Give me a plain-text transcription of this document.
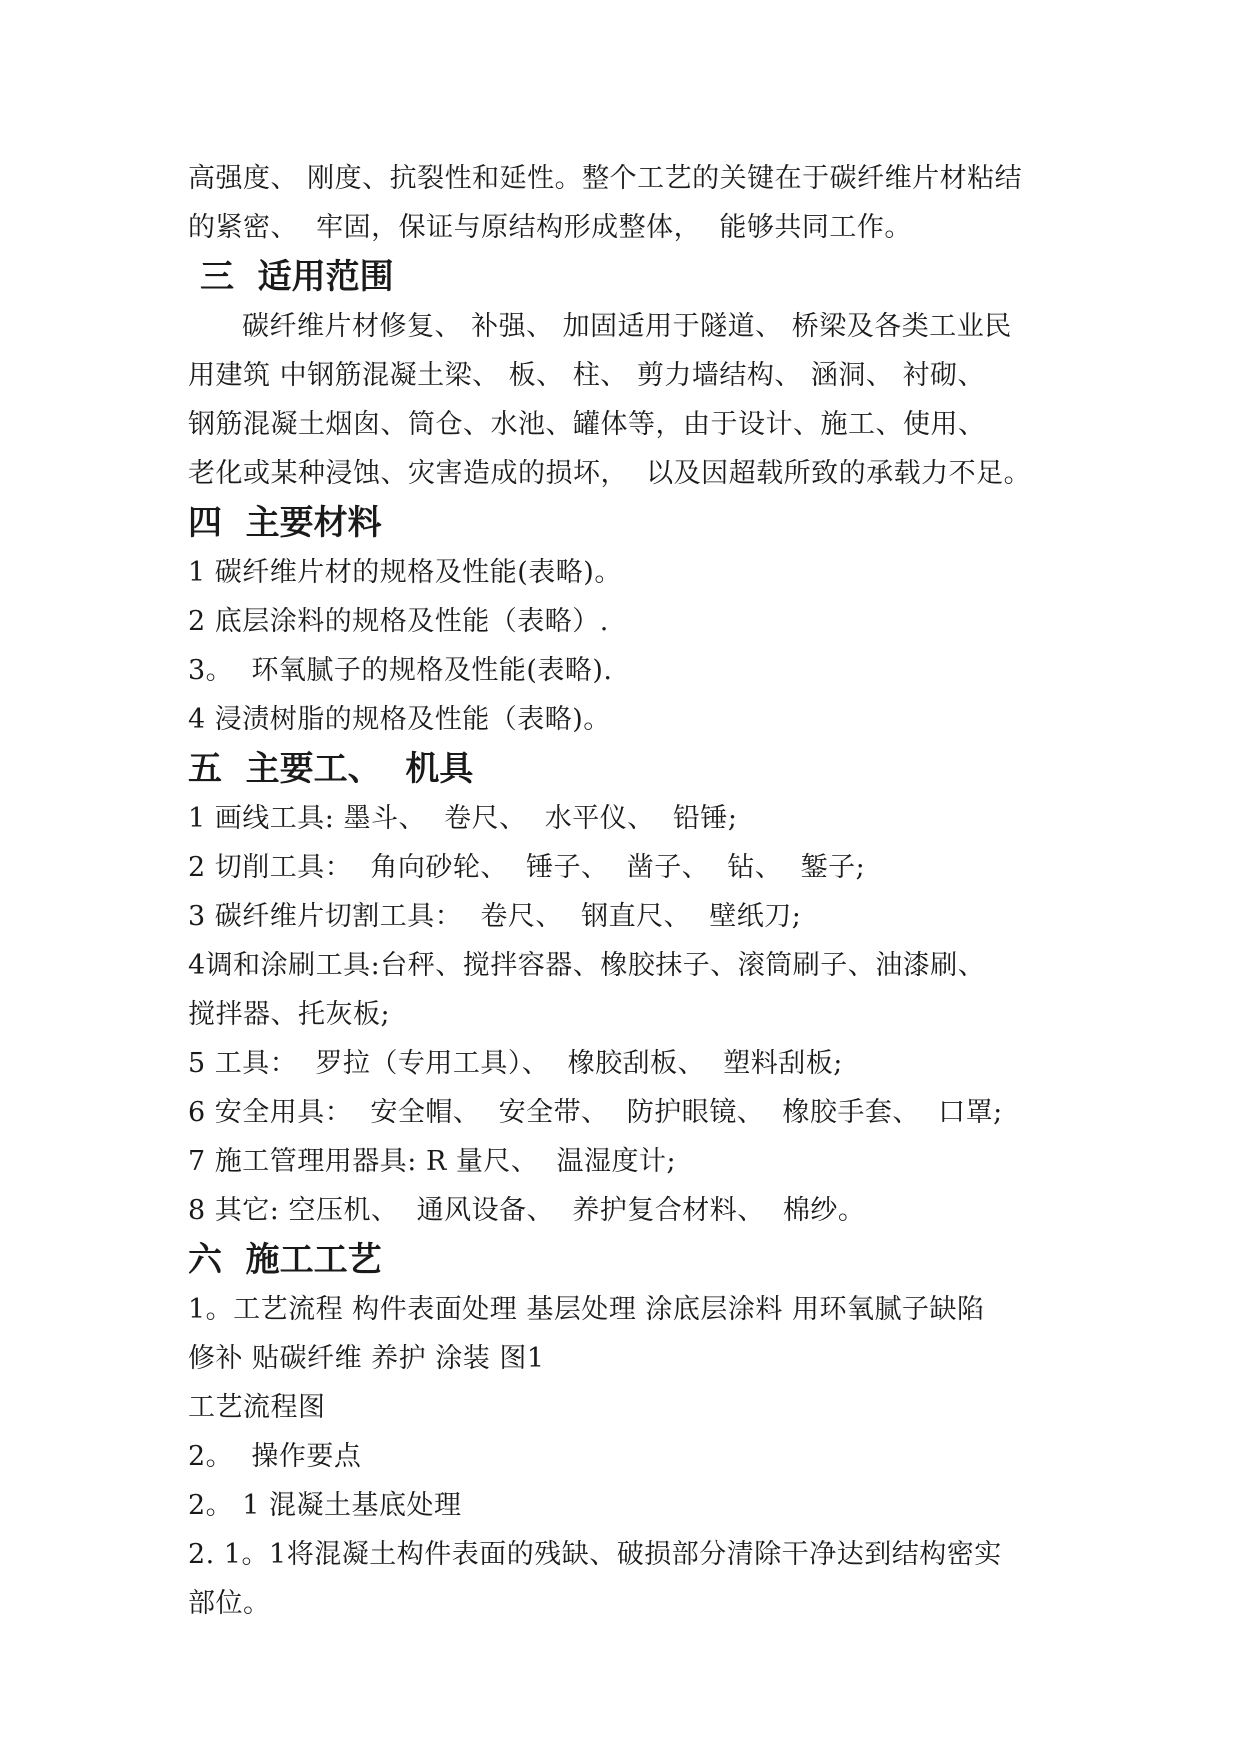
高强度、 刚度、抗裂性和延性。整个工艺的关键在于碳纤维片材粘结

的紧密、  牢固，保证与原结构形成整体，  能够共同工作。

三  适用范围

碳纤维片材修复、 补强、 加固适用于隧道、 桥梁及各类工业民

用建筑 中钢筋混凝土梁、 板、 柱、 剪力墙结构、 涵洞、 衬砌、

钢筋混凝土烟囱、筒仓、水池、罐体等，由于设计、施工、使用、

老化或某种浸蚀、灾害造成的损坏，  以及因超载所致的承载力不足。

四  主要材料

1 碳纤维片材的规格及性能(表略)。

2 底层涂料的规格及性能（表略）.

3。  环氧腻子的规格及性能(表略).

4 浸渍树脂的规格及性能（表略)。

五  主要工、  机具

1 画线工具: 墨斗、  卷尺、  水平仪、  铅锤;

2 切削工具：  角向砂轮、  锤子、  凿子、  钻、  錾子;

3 碳纤维片切割工具：  卷尺、  钢直尺、  壁纸刀;

4调和涂刷工具:台秤、搅拌容器、橡胶抹子、滚筒刷子、油漆刷、

搅拌器、托灰板;

5 工具：  罗拉（专用工具）、  橡胶刮板、  塑料刮板;

6 安全用具：  安全帽、  安全带、  防护眼镜、  橡胶手套、  口罩;

7 施工管理用器具: R 量尺、  温湿度计;

8 其它: 空压机、  通风设备、  养护复合材料、  棉纱。

六  施工工艺

1。工艺流程 构件表面处理 基层处理 涂底层涂料 用环氧腻子缺陷

修补 贴碳纤维 养护 涂装 图1

工艺流程图

2。  操作要点

2。 1 混凝土基底处理

2. 1。1将混凝土构件表面的残缺、破损部分清除干净达到结构密实

部位。
